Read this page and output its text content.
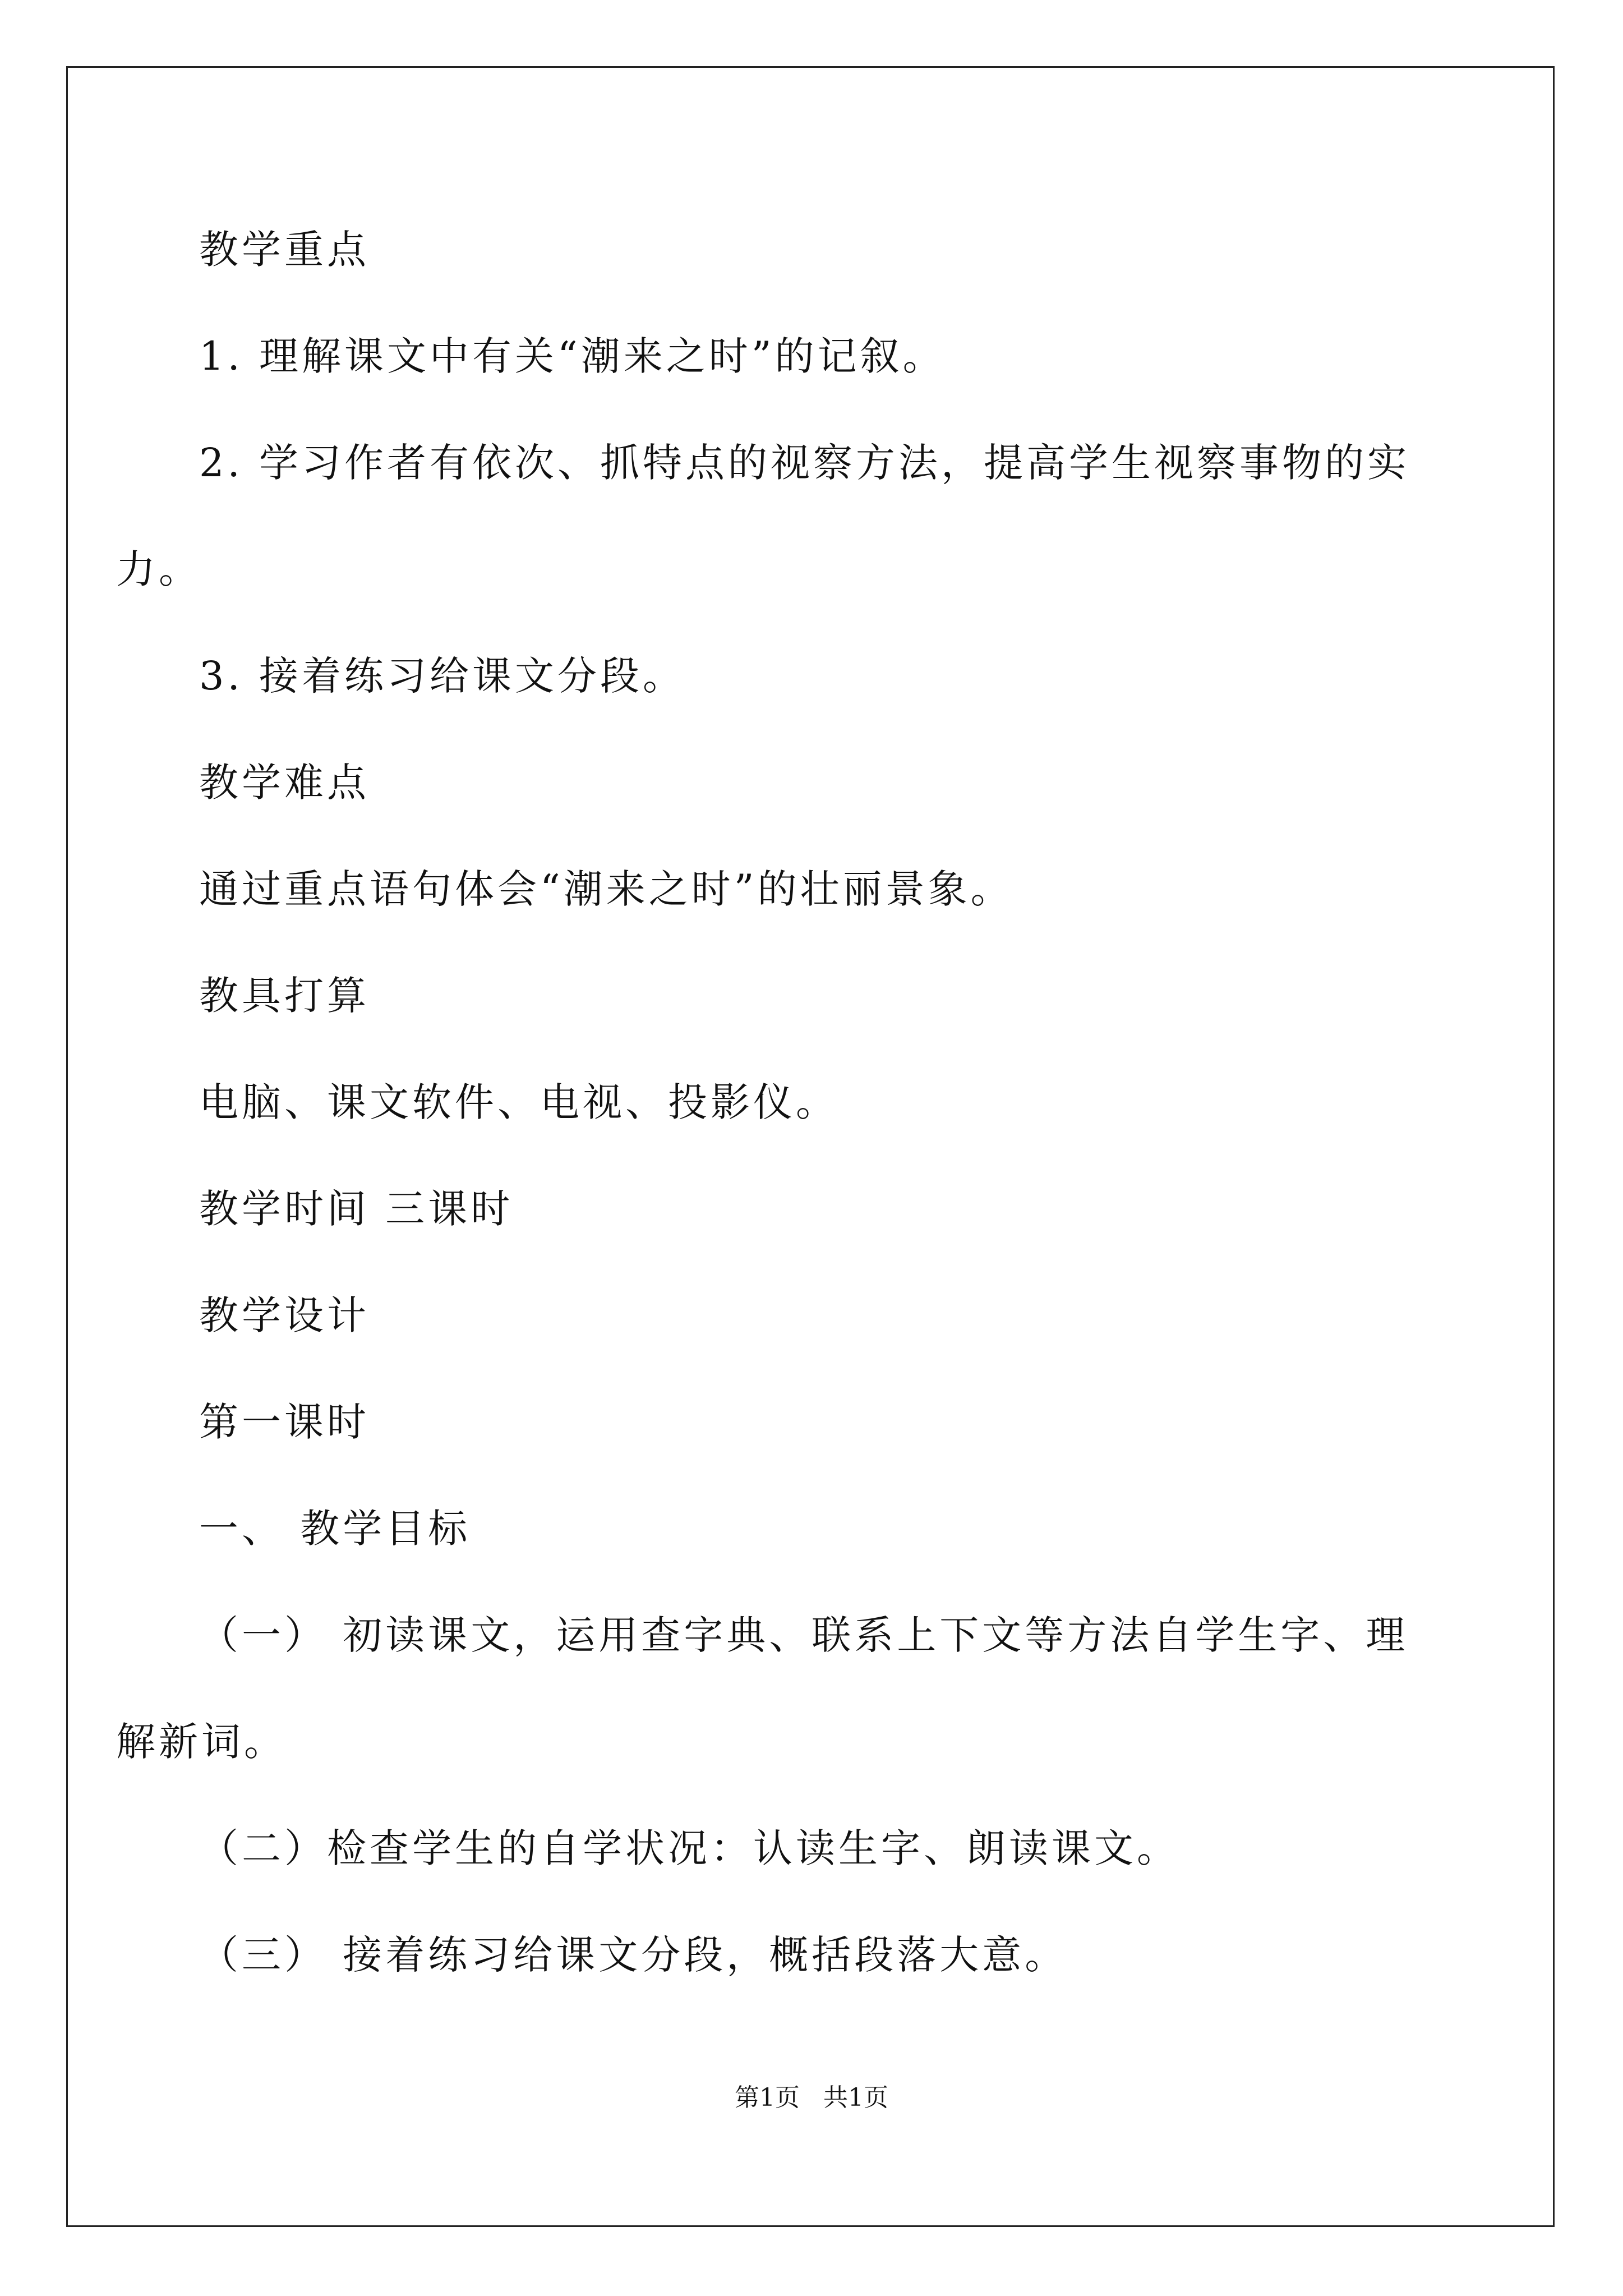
教学重点
1. 理解课文中有关“潮来之时”的记叙。
2. 学习作者有依次、抓特点的视察方法，提高学生视察事物的实
力。
3. 接着练习给课文分段。
教学难点
通过重点语句体会“潮来之时”的壮丽景象。
教具打算
电脑、课文软件、电视、投影仪。
教学时间 三课时
教学设计
第一课时
一、 教学目标
（一） 初读课文，运用查字典、联系上下文等方法自学生字、理
解新词。
（二）检查学生的自学状况：认读生字、朗读课文。
（三） 接着练习给课文分段，概括段落大意。
第1页 共1页
